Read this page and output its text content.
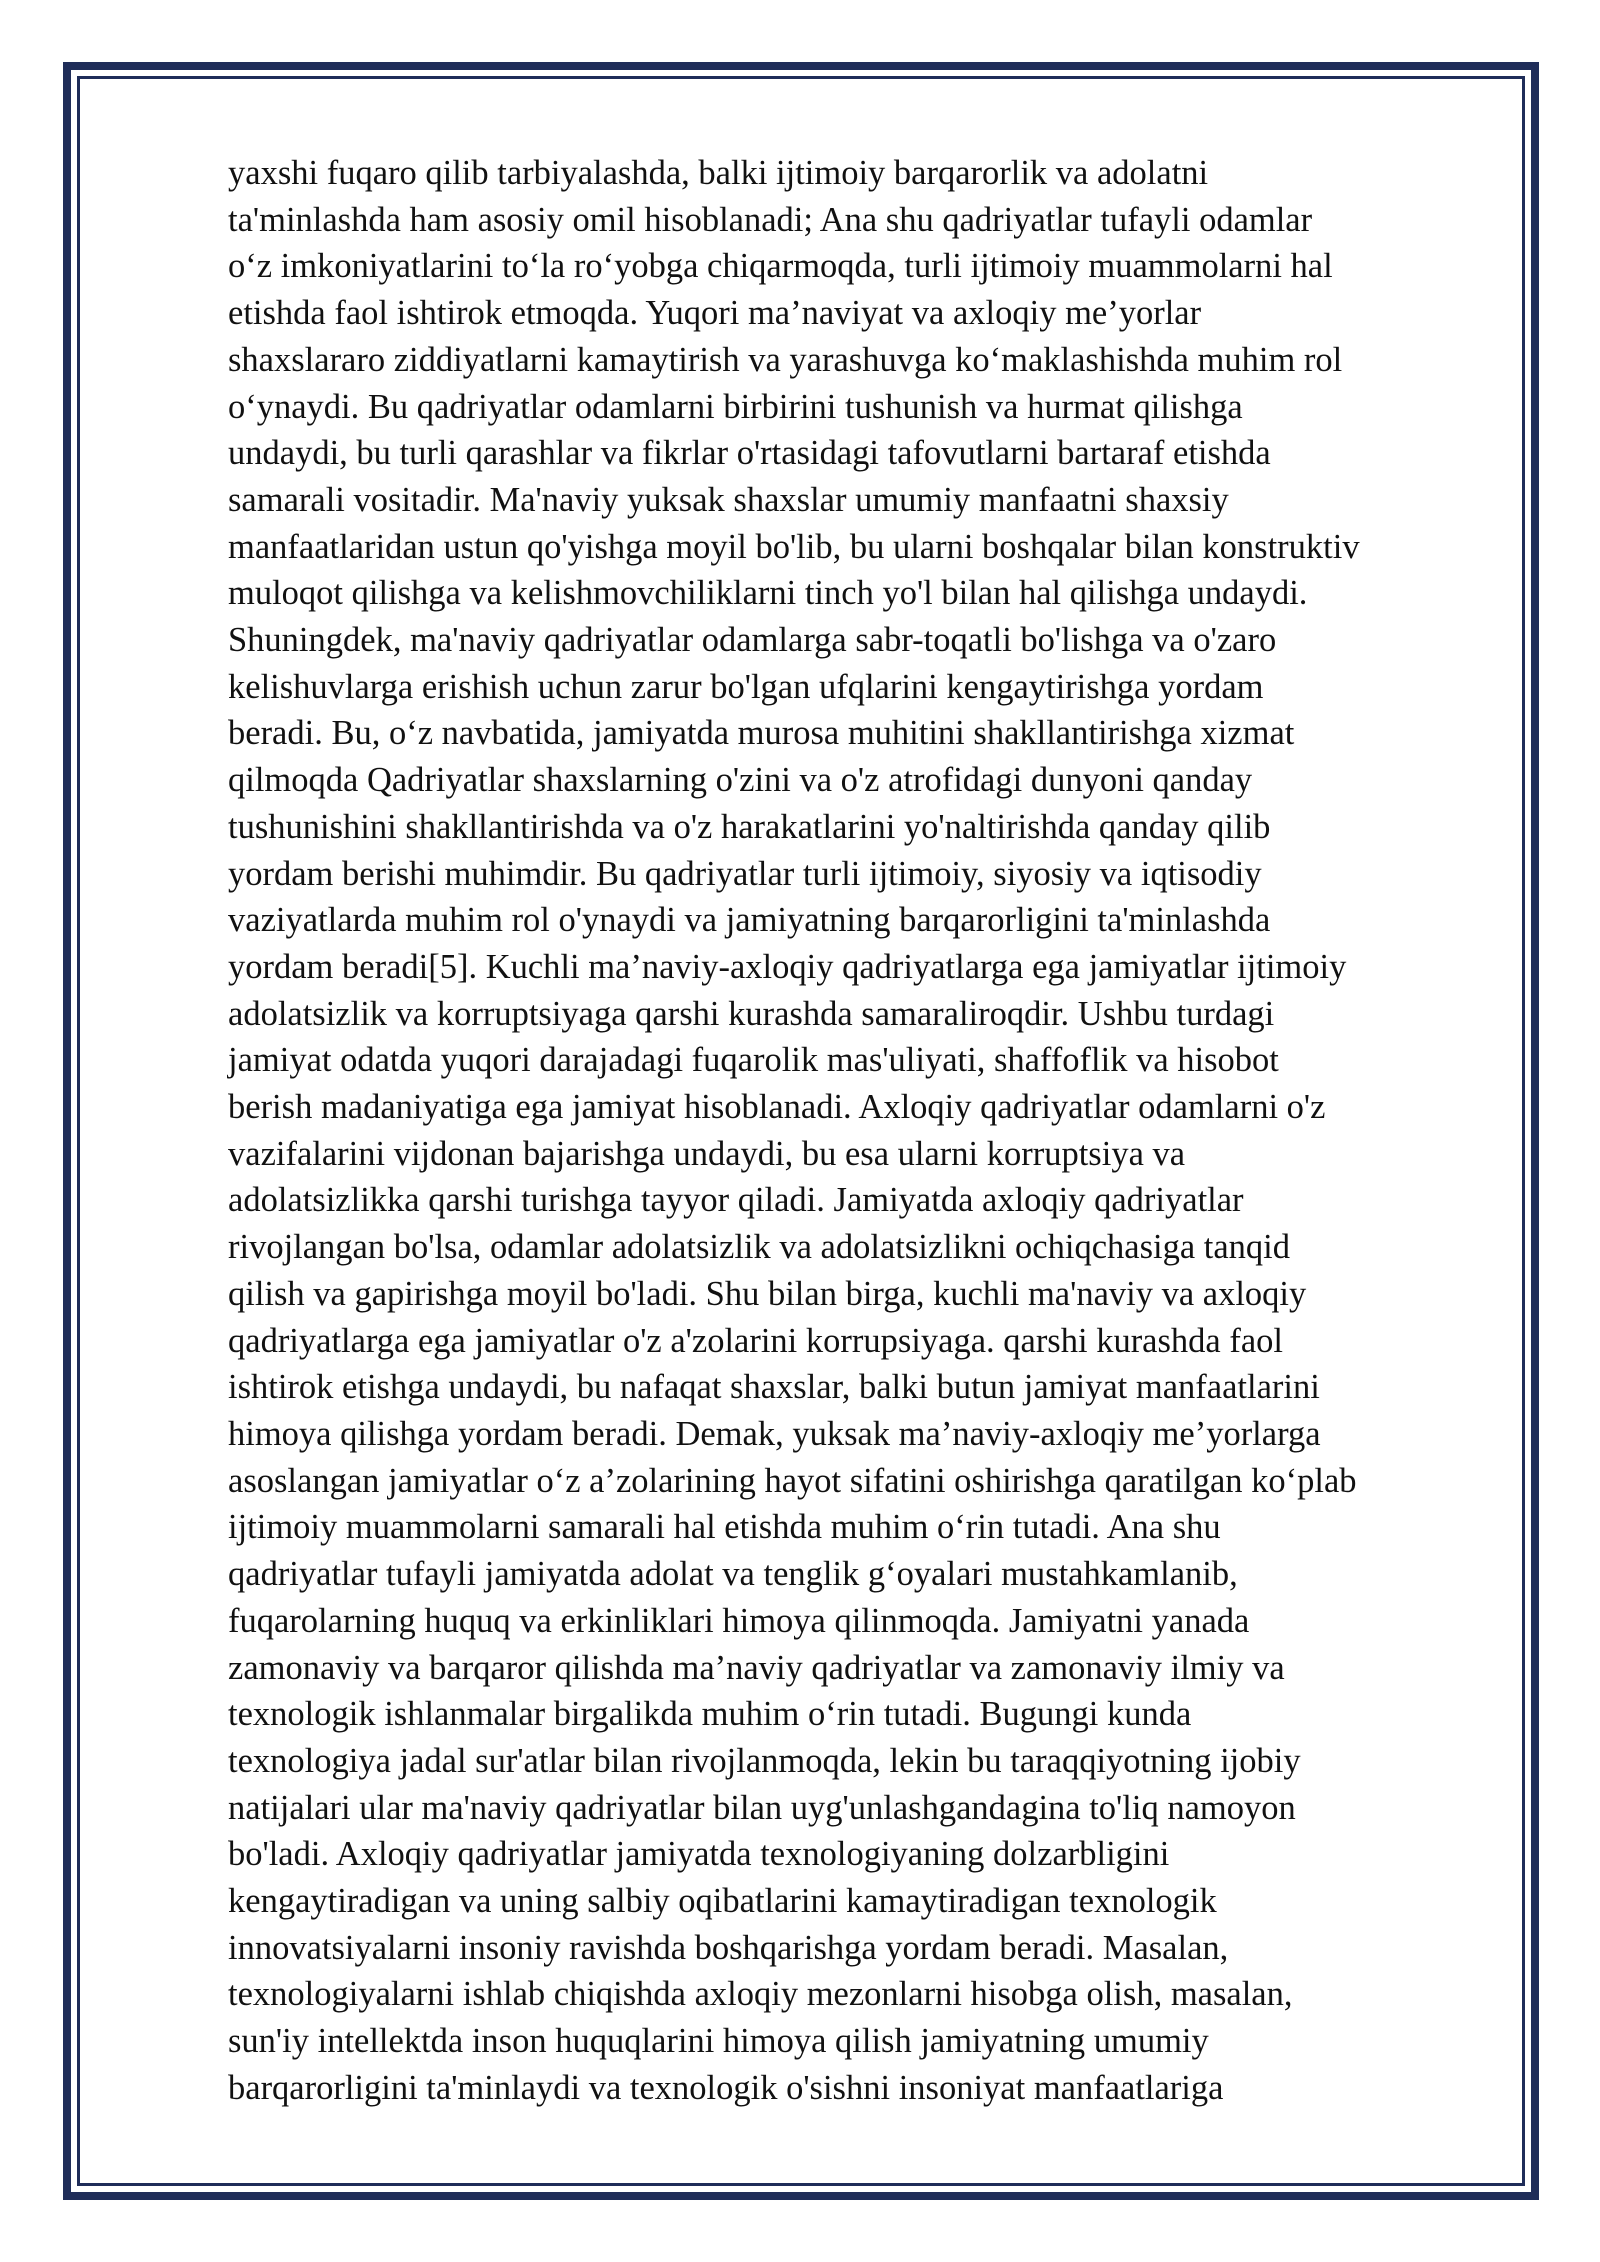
yaxshi fuqaro qilib tarbiyalashda, balki ijtimoiy barqarorlik va adolatni

ta'minlashda ham asosiy omil hisoblanadi; Ana shu qadriyatlar tufayli odamlar

o‘z imkoniyatlarini to‘la ro‘yobga chiqarmoqda, turli ijtimoiy muammolarni hal

etishda faol ishtirok etmoqda. Yuqori ma’naviyat va axloqiy me’yorlar

shaxslararo ziddiyatlarni kamaytirish va yarashuvga ko‘maklashishda muhim rol

o‘ynaydi. Bu qadriyatlar odamlarni birbirini tushunish va hurmat qilishga

undaydi, bu turli qarashlar va fikrlar o'rtasidagi tafovutlarni bartaraf etishda

samarali vositadir. Ma'naviy yuksak shaxslar umumiy manfaatni shaxsiy

manfaatlaridan ustun qo'yishga moyil bo'lib, bu ularni boshqalar bilan konstruktiv

muloqot qilishga va kelishmovchiliklarni tinch yo'l bilan hal qilishga undaydi.

Shuningdek, ma'naviy qadriyatlar odamlarga sabr-toqatli bo'lishga va o'zaro

kelishuvlarga erishish uchun zarur bo'lgan ufqlarini kengaytirishga yordam

beradi. Bu, o‘z navbatida, jamiyatda murosa muhitini shakllantirishga xizmat

qilmoqda Qadriyatlar shaxslarning o'zini va o'z atrofidagi dunyoni qanday

tushunishini shakllantirishda va o'z harakatlarini yo'naltirishda qanday qilib

yordam berishi muhimdir. Bu qadriyatlar turli ijtimoiy, siyosiy va iqtisodiy

vaziyatlarda muhim rol o'ynaydi va jamiyatning barqarorligini ta'minlashda

yordam beradi[5]. Kuchli ma’naviy-axloqiy qadriyatlarga ega jamiyatlar ijtimoiy

adolatsizlik va korruptsiyaga qarshi kurashda samaraliroqdir. Ushbu turdagi

jamiyat odatda yuqori darajadagi fuqarolik mas'uliyati, shaffoflik va hisobot

berish madaniyatiga ega jamiyat hisoblanadi. Axloqiy qadriyatlar odamlarni o'z

vazifalarini vijdonan bajarishga undaydi, bu esa ularni korruptsiya va

adolatsizlikka qarshi turishga tayyor qiladi. Jamiyatda axloqiy qadriyatlar

rivojlangan bo'lsa, odamlar adolatsizlik va adolatsizlikni ochiqchasiga tanqid

qilish va gapirishga moyil bo'ladi. Shu bilan birga, kuchli ma'naviy va axloqiy

qadriyatlarga ega jamiyatlar o'z a'zolarini korrupsiyaga. qarshi kurashda faol

ishtirok etishga undaydi, bu nafaqat shaxslar, balki butun jamiyat manfaatlarini

himoya qilishga yordam beradi. Demak, yuksak ma’naviy-axloqiy me’yorlarga

asoslangan jamiyatlar o‘z a’zolarining hayot sifatini oshirishga qaratilgan ko‘plab

ijtimoiy muammolarni samarali hal etishda muhim o‘rin tutadi. Ana shu

qadriyatlar tufayli jamiyatda adolat va tenglik g‘oyalari mustahkamlanib,

fuqarolarning huquq va erkinliklari himoya qilinmoqda. Jamiyatni yanada

zamonaviy va barqaror qilishda ma’naviy qadriyatlar va zamonaviy ilmiy va

texnologik ishlanmalar birgalikda muhim o‘rin tutadi. Bugungi kunda

texnologiya jadal sur'atlar bilan rivojlanmoqda, lekin bu taraqqiyotning ijobiy

natijalari ular ma'naviy qadriyatlar bilan uyg'unlashgandagina to'liq namoyon

bo'ladi. Axloqiy qadriyatlar jamiyatda texnologiyaning dolzarbligini

kengaytiradigan va uning salbiy oqibatlarini kamaytiradigan texnologik

innovatsiyalarni insoniy ravishda boshqarishga yordam beradi. Masalan,

texnologiyalarni ishlab chiqishda axloqiy mezonlarni hisobga olish, masalan,

sun'iy intellektda inson huquqlarini himoya qilish jamiyatning umumiy

barqarorligini ta'minlaydi va texnologik o'sishni insoniyat manfaatlariga
